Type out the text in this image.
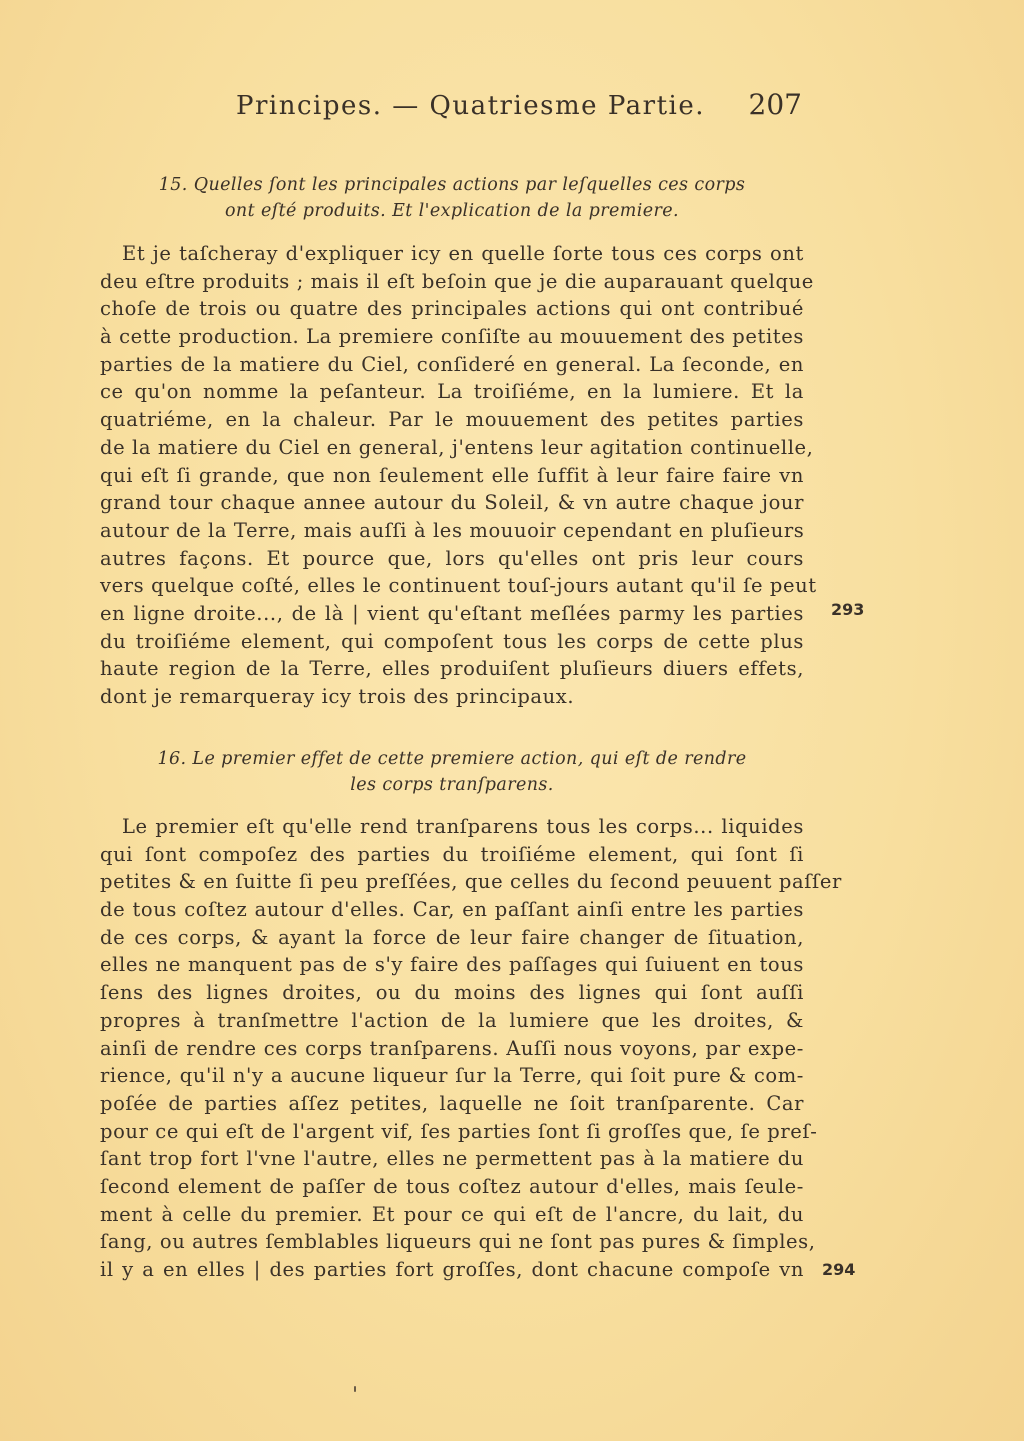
Principes. — Quatriesme Partie. 207
15. Quelles ſont les principales actions par leſquelles ces corps
ont eſté produits. Et l'explication de la premiere.
Et je taſcheray d'expliquer icy en quelle ſorte tous ces corps ont
deu eſtre produits ; mais il eſt beſoin que je die auparauant quelque
choſe de trois ou quatre des principales actions qui ont contribué
à cette production. La premiere conſiſte au mouuement des petites
parties de la matiere du Ciel, conſideré en general. La ſeconde, en
ce qu'on nomme la peſanteur. La troiſiéme, en la lumiere. Et la
quatriéme, en la chaleur. Par le mouuement des petites parties
de la matiere du Ciel en general, j'entens leur agitation continuelle,
qui eſt ſi grande, que non ſeulement elle ſuffit à leur faire faire vn
grand tour chaque annee autour du Soleil, & vn autre chaque jour
autour de la Terre, mais auſſi à les mouuoir cependant en pluſieurs
autres façons. Et pource que, lors qu'elles ont pris leur cours
vers quelque coſté, elles le continuent touſ-jours autant qu'il ſe peut
en ligne droite..., de là | vient qu'eſtant meſlées parmy les parties
du troiſiéme element, qui compoſent tous les corps de cette plus
haute region de la Terre, elles produiſent pluſieurs diuers effets,
dont je remarqueray icy trois des principaux.
293
16. Le premier effet de cette premiere action, qui eſt de rendre
les corps tranſparens.
Le premier eſt qu'elle rend tranſparens tous les corps... liquides
qui ſont compoſez des parties du troiſiéme element, qui ſont ſi
petites & en ſuitte ſi peu preſſées, que celles du ſecond peuuent paſſer
de tous coſtez autour d'elles. Car, en paſſant ainſi entre les parties
de ces corps, & ayant la force de leur faire changer de ſituation,
elles ne manquent pas de s'y faire des paſſages qui ſuiuent en tous
ſens des lignes droites, ou du moins des lignes qui ſont auſſi
propres à tranſmettre l'action de la lumiere que les droites, &
ainſi de rendre ces corps tranſparens. Auſſi nous voyons, par expe-
rience, qu'il n'y a aucune liqueur ſur la Terre, qui ſoit pure & com-
poſée de parties aſſez petites, laquelle ne ſoit tranſparente. Car
pour ce qui eſt de l'argent vif, ſes parties ſont ſi groſſes que, ſe preſ-
ſant trop fort l'vne l'autre, elles ne permettent pas à la matiere du
ſecond element de paſſer de tous coſtez autour d'elles, mais ſeule-
ment à celle du premier. Et pour ce qui eſt de l'ancre, du lait, du
ſang, ou autres ſemblables liqueurs qui ne ſont pas pures & ſimples,
il y a en elles | des parties fort groſſes, dont chacune compoſe vn 294
